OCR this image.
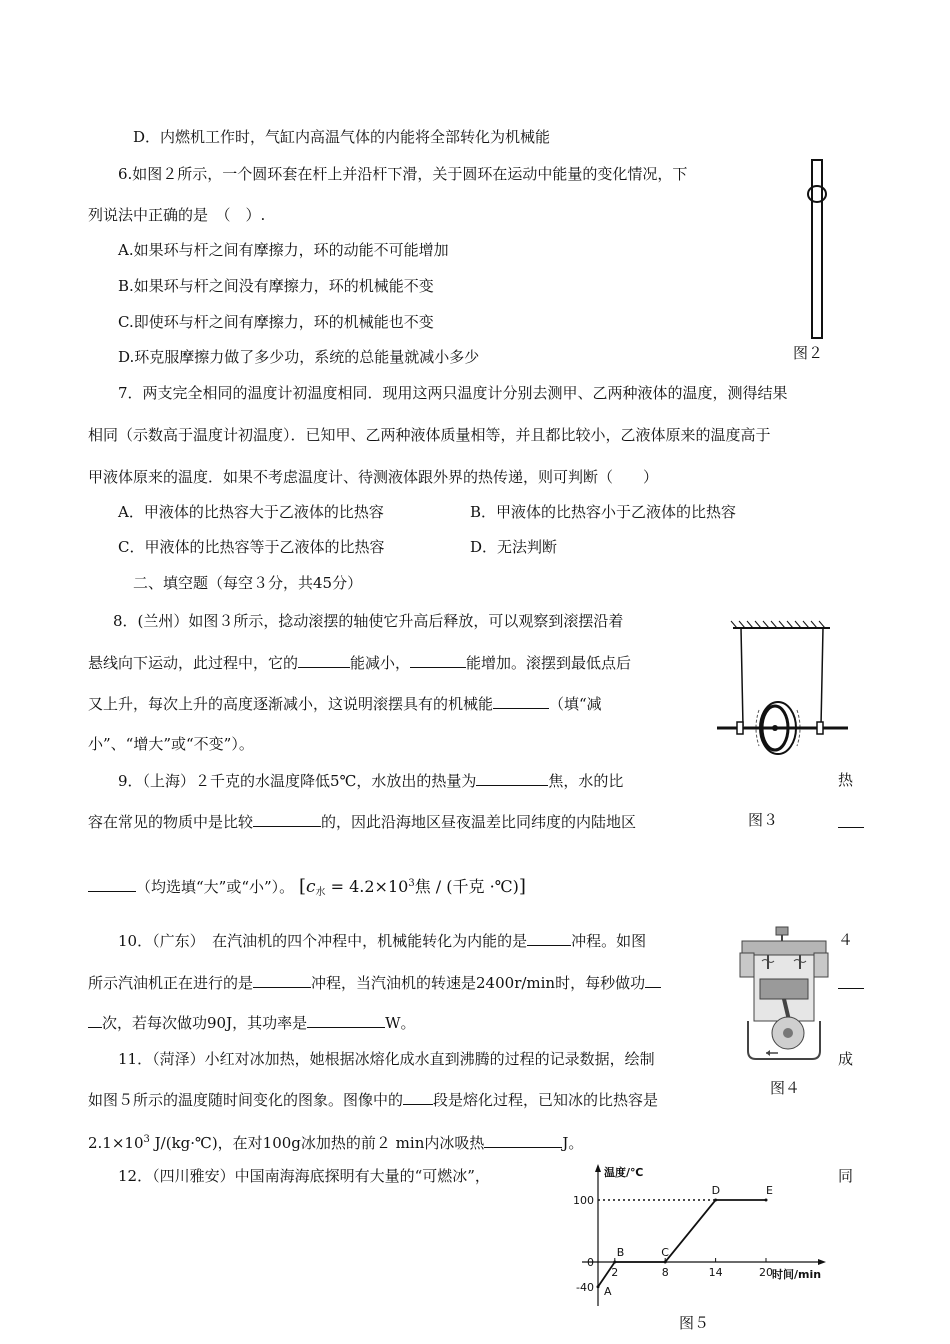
D．内燃机工作时，气缸内高温气体的内能将全部转化为机械能
6.如图２所示，一个圆环套在杆上并沿杆下滑，关于圆环在运动中能量的变化情况，下
列说法中正确的是　（　）.
A.如果环与杆之间有摩擦力，环的动能不可能增加
B.如果环与杆之间没有摩擦力，环的机械能不变
C.即使环与杆之间有摩擦力，环的机械能也不变
D.环克服摩擦力做了多少功，系统的总能量就减小多少	图２
7．两支完全相同的温度计初温度相同．现用这两只温度计分别去测甲、乙两种液体的温度，测得结果
相同（示数高于温度计初温度）．已知甲、乙两种液体质量相等，并且都比较小，乙液体原来的温度高于
甲液体原来的温度．如果不考虑温度计、待测液体跟外界的热传递，则可判断（　　）
A．甲液体的比热容大于乙液体的比热容	B．甲液体的比热容小于乙液体的比热容
C．甲液体的比热容等于乙液体的比热容	D．无法判断
二、填空题（每空３分，共45分）
8．(兰州）如图３所示，捻动滚摆的轴使它升高后释放，可以观察到滚摆沿着
悬线向下运动，此过程中，它的	能减小，	能增加。滚摆到最低点后
又上升，每次上升的高度逐渐减小，这说明滚摆具有的机械能	（填“减
小”、“增大”或“不变”）。
图３
9．（上海）２千克的水温度降低5℃，水放出的热量为	焦，水的比	热
容在常见的物质中是比较	的，因此沿海地区昼夜温差比同纬度的内陆地区
（均选填“大”或“小”）。 [$c_水 = 4.2\times 10^3$焦 / (千克 ·℃)]
10．（广东）　在汽油机的四个冲程中，机械能转化为内能的是	冲程。如图	４
所示汽油机正在进行的是	冲程，当汽油机的转速是2400r/min时，每秒做功
次，若每次做功90J，其功率是	W。
图４
11．（菏泽）小红对冰加热，她根据冰熔化成水直到沸腾的过程的记录数据，绘制	成
如图５所示的温度随时间变化的图象。图像中的 段是熔化过程，已知冰的比热容是
$2.1\times 10^3$ J/(kg·℃)，在对100g冰加热的前２ min内冰吸热	J。
12．（四川雅安）中国南海海底探明有大量的“可燃冰”，	同
温度/℃
时间/min
100
0
-40
2	8	14	20
A
B	C
D	E
图５
